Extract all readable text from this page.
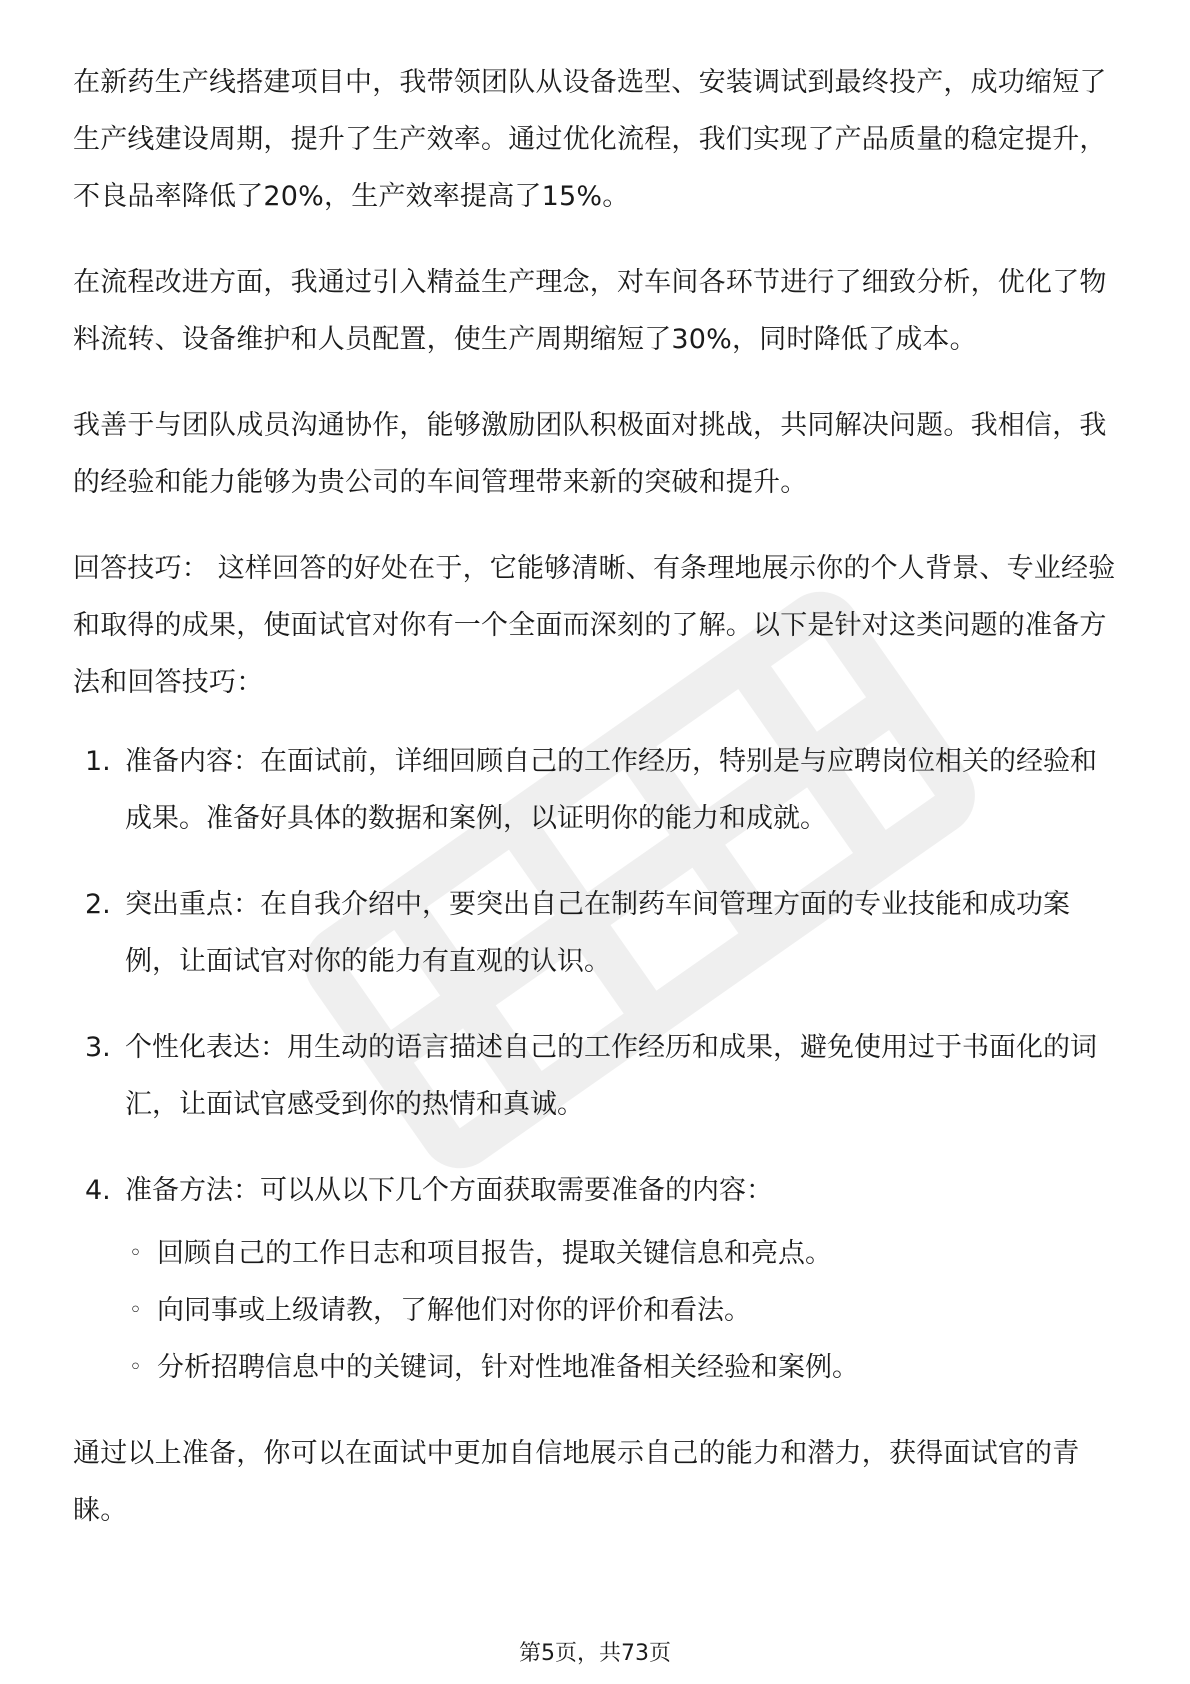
在新药生产线搭建项目中，我带领团队从设备选型、安装调试到最终投产，成功缩短了生产线建设周期，提升了生产效率。通过优化流程，我们实现了产品质量的稳定提升，不良品率降低了20%，生产效率提高了15%。

在流程改进方面，我通过引入精益生产理念，对车间各环节进行了细致分析，优化了物料流转、设备维护和人员配置，使生产周期缩短了30%，同时降低了成本。

我善于与团队成员沟通协作，能够激励团队积极面对挑战，共同解决问题。我相信，我的经验和能力能够为贵公司的车间管理带来新的突破和提升。

回答技巧： 这样回答的好处在于，它能够清晰、有条理地展示你的个人背景、专业经验和取得的成果，使面试官对你有一个全面而深刻的了解。以下是针对这类问题的准备方法和回答技巧：

1. 准备内容：在面试前，详细回顾自己的工作经历，特别是与应聘岗位相关的经验和成果。准备好具体的数据和案例，以证明你的能力和成就。
2. 突出重点：在自我介绍中，要突出自己在制药车间管理方面的专业技能和成功案例，让面试官对你的能力有直观的认识。
3. 个性化表达：用生动的语言描述自己的工作经历和成果，避免使用过于书面化的词汇，让面试官感受到你的热情和真诚。
4. 准备方法：可以从以下几个方面获取需要准备的内容：
◦ 回顾自己的工作日志和项目报告，提取关键信息和亮点。
◦ 向同事或上级请教，了解他们对你的评价和看法。
◦ 分析招聘信息中的关键词，针对性地准备相关经验和案例。

通过以上准备，你可以在面试中更加自信地展示自己的能力和潜力，获得面试官的青睐。

第5页，共73页
